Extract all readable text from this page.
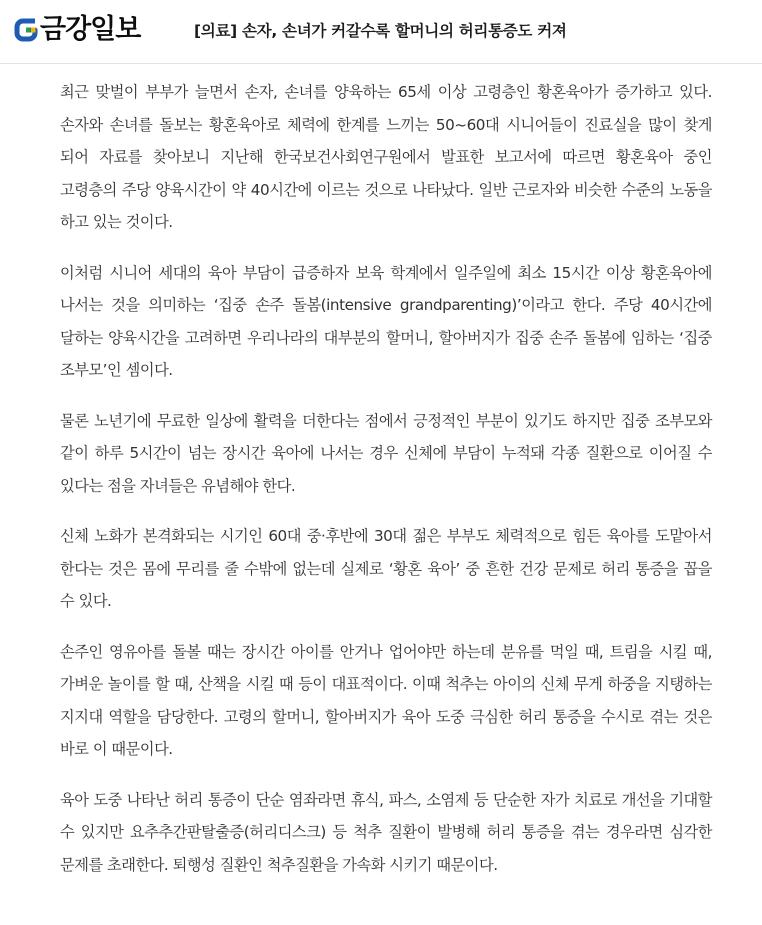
금강일보	[의료] 손자, 손녀가 커갈수록 할머니의 허리통증도 커져

최근 맞벌이 부부가 늘면서 손자, 손녀를 양육하는 65세 이상 고령층인 황혼육아가 증가하고 있다. 손자와 손녀를 돌보는 황혼육아로 체력에 한계를 느끼는 50~60대 시니어들이 진료실을 많이 찾게 되어 자료를 찾아보니 지난해 한국보건사회연구원에서 발표한 보고서에 따르면 황혼육아 중인 고령층의 주당 양육시간이 약 40시간에 이르는 것으로 나타났다. 일반 근로자와 비슷한 수준의 노동을 하고 있는 것이다.

이처럼 시니어 세대의 육아 부담이 급증하자 보육 학계에서 일주일에 최소 15시간 이상 황혼육아에 나서는 것을 의미하는 ‘집중 손주 돌봄(intensive grandparenting)’이라고 한다. 주당 40시간에 달하는 양육시간을 고려하면 우리나라의 대부분의 할머니, 할아버지가 집중 손주 돌봄에 임하는 ‘집중 조부모’인 셈이다.

물론 노년기에 무료한 일상에 활력을 더한다는 점에서 긍정적인 부분이 있기도 하지만 집중 조부모와 같이 하루 5시간이 넘는 장시간 육아에 나서는 경우 신체에 부담이 누적돼 각종 질환으로 이어질 수 있다는 점을 자녀들은 유념해야 한다.

신체 노화가 본격화되는 시기인 60대 중·후반에 30대 젊은 부부도 체력적으로 힘든 육아를 도맡아서 한다는 것은 몸에 무리를 줄 수밖에 없는데 실제로 ‘황혼 육아’ 중 흔한 건강 문제로 허리 통증을 꼽을 수 있다.

손주인 영유아를 돌볼 때는 장시간 아이를 안거나 업어야만 하는데 분유를 먹일 때, 트림을 시킬 때, 가벼운 놀이를 할 때, 산책을 시킬 때 등이 대표적이다. 이때 척추는 아이의 신체 무게 하중을 지탱하는 지지대 역할을 담당한다. 고령의 할머니, 할아버지가 육아 도중 극심한 허리 통증을 수시로 겪는 것은 바로 이 때문이다.

육아 도중 나타난 허리 통증이 단순 염좌라면 휴식, 파스, 소염제 등 단순한 자가 치료로 개선을 기대할 수 있지만 요추추간판탈출증(허리디스크) 등 척추 질환이 발병해 허리 통증을 겪는 경우라면 심각한 문제를 초래한다. 퇴행성 질환인 척추질환을 가속화 시키기 때문이다.
